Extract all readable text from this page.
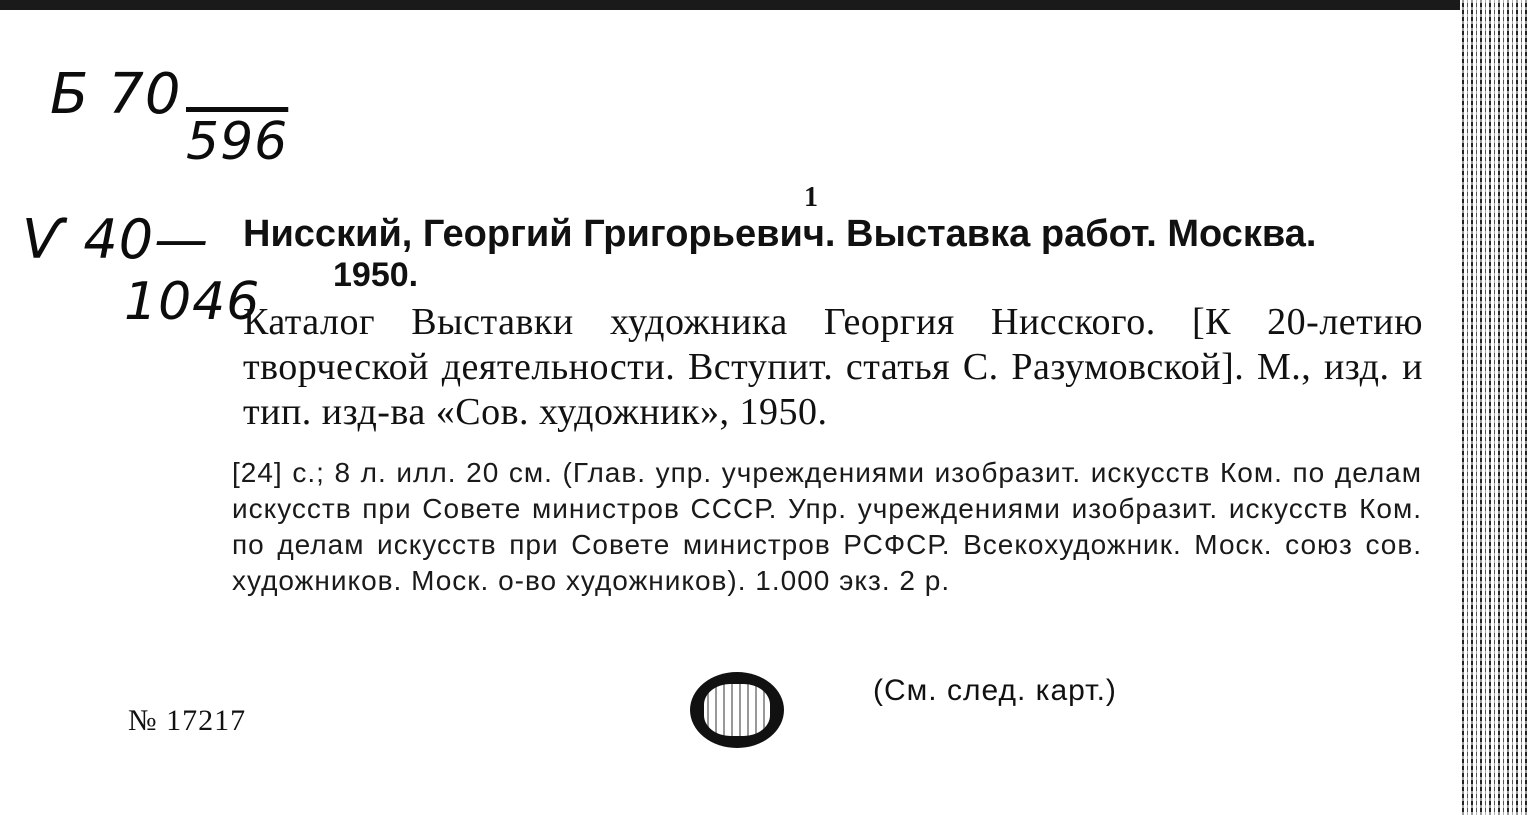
Б 70
596
Ѵ 40—
1046
1
Нисский, Георгий Григорьевич. Выставка работ. Москва.
1950.
Каталог Выставки художника Георгия Нисского. [К 20-летию творческой деятельности. Вступит. статья С. Разумовской]. М., изд. и тип. изд-ва «Сов. художник», 1950.
[24] с.; 8 л. илл. 20 см. (Глав. упр. учреждениями изобразит. искусств Ком. по делам искусств при Совете министров СССР. Упр. учреждениями изобразит. искусств Ком. по делам искусств при Совете министров РСФСР. Всекохудожник. Моск. союз сов. художников. Моск. о-во художников). 1.000 экз. 2 р.
№ 17217
(См. след. карт.)
